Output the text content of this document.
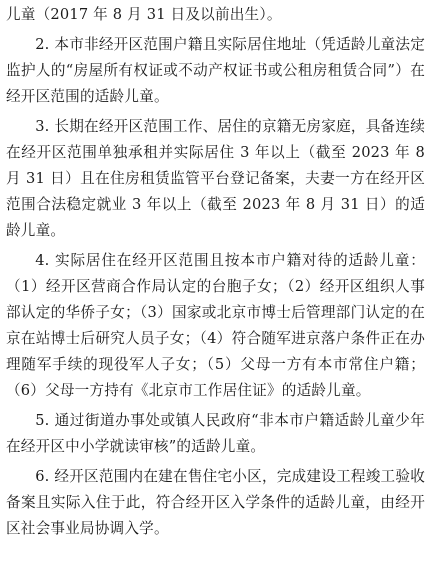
儿童（2017 年 8 月 31 日及以前出生）。

2. 本市非经开区范围户籍且实际居住地址（凭适龄儿童法定监护人的“房屋所有权证或不动产权证书或公租房租赁合同”）在经开区范围的适龄儿童。

3. 长期在经开区范围工作、居住的京籍无房家庭，具备连续在经开区范围单独承租并实际居住 3 年以上（截至 2023 年 8 月 31 日）且在住房租赁监管平台登记备案，夫妻一方在经开区范围合法稳定就业 3 年以上（截至 2023 年 8 月 31 日）的适龄儿童。

4. 实际居住在经开区范围且按本市户籍对待的适龄儿童：（1）经开区营商合作局认定的台胞子女；（2）经开区组织人事部认定的华侨子女；（3）国家或北京市博士后管理部门认定的在京在站博士后研究人员子女；（4）符合随军进京落户条件正在办理随军手续的现役军人子女；（5）父母一方有本市常住户籍；（6）父母一方持有《北京市工作居住证》的适龄儿童。

5. 通过街道办事处或镇人民政府“非本市户籍适龄儿童少年在经开区中小学就读审核”的适龄儿童。

6. 经开区范围内在建在售住宅小区，完成建设工程竣工验收备案且实际入住于此，符合经开区入学条件的适龄儿童，由经开区社会事业局协调入学。
